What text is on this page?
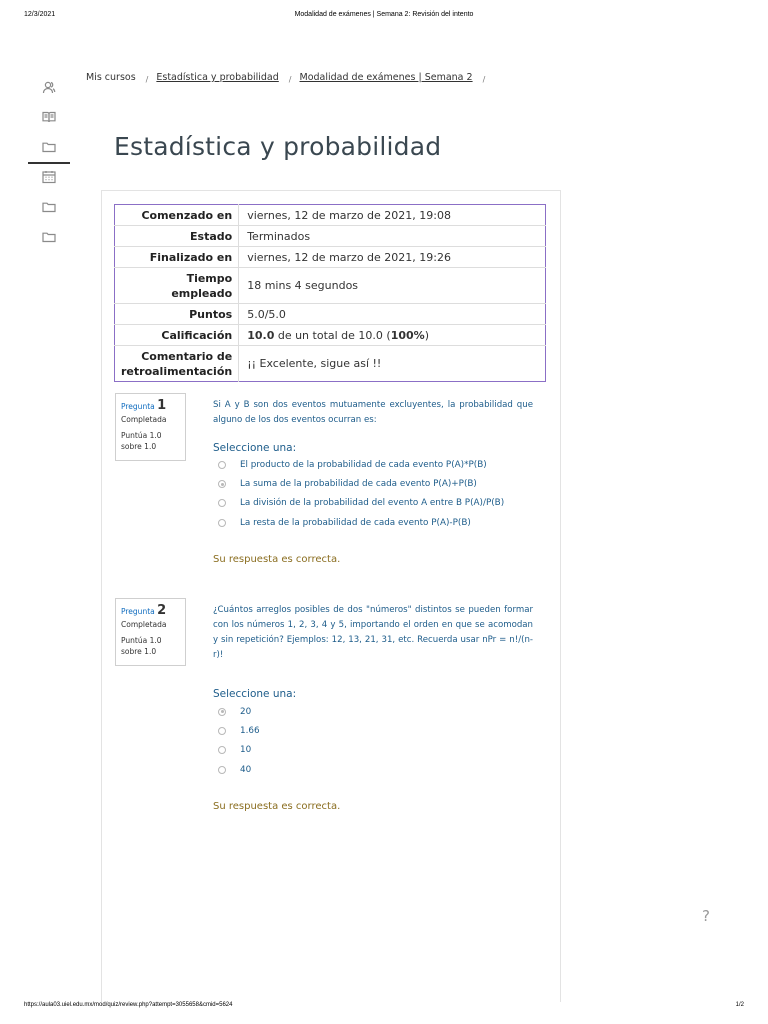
12/3/2021	Modalidad de exámenes | Semana 2: Revisión del intento
Mis cursos $_/$ Estadística y probabilidad $_/$ Modalidad de exámenes | Semana 2 $_/$
Estadística y probabilidad
Comenzado en	viernes, 12 de marzo de 2021, 19:08
Estado	Terminados
Finalizado en	viernes, 12 de marzo de 2021, 19:26
Tiempo
empleado	18 mins 4 segundos
Puntos	5.0/5.0
Calificación	10.0 de un total de 10.0 (100%)
Comentario de
retroalimentación	¡¡ Excelente, sigue así !!
Pregunta 1
Completada
Puntúa 1.0
sobre 1.0
Si A y B son dos eventos mutuamente excluyentes, la probabilidad que alguno de los dos eventos ocurran es:
Seleccione una:
El producto de la probabilidad de cada evento P(A)*P(B)
La suma de la probabilidad de cada evento P(A)+P(B)
La división de la probabilidad del evento A entre B P(A)/P(B)
La resta de la probabilidad de cada evento P(A)-P(B)
Su respuesta es correcta.
Pregunta 2
Completada
Puntúa 1.0
sobre 1.0
¿Cuántos arreglos posibles de dos "números" distintos se pueden formar con los números 1, 2, 3, 4 y 5, importando el orden en que se acomodan y sin repetición? Ejemplos: 12, 13, 21, 31, etc. Recuerda usar nPr = n!/(n-r)!
Seleccione una:
20
1.66
10
40
Su respuesta es correcta.
?
https://aula03.uiel.edu.mx/mod/quiz/review.php?attempt=3055658&cmid=5624	1/2
